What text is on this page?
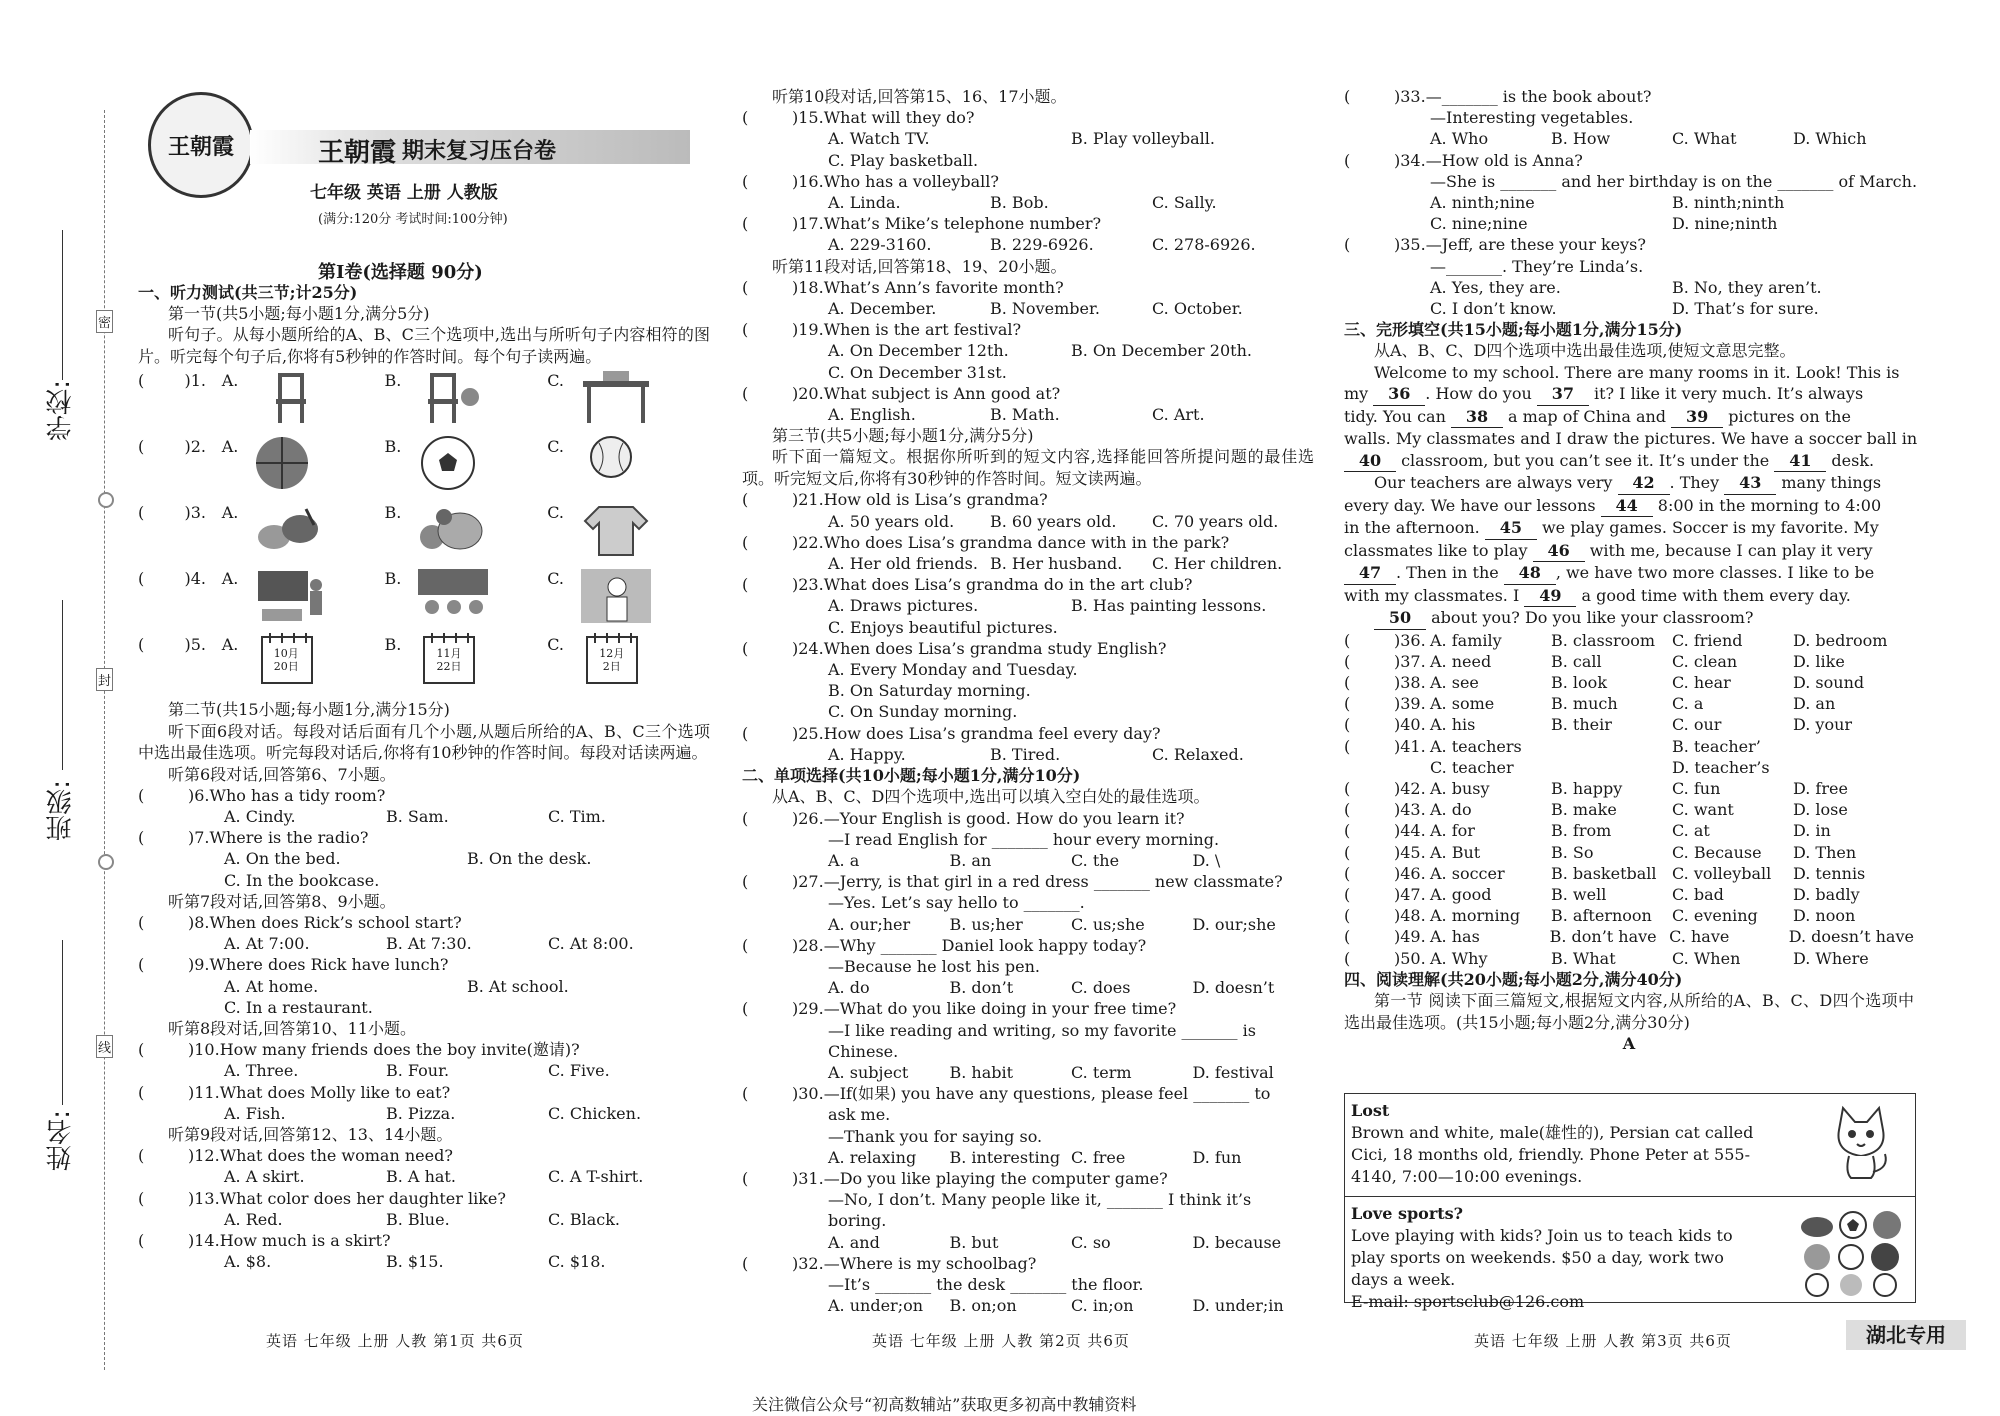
学校:
班级:
姓名:
密
封
线
王朝霞	王朝霞 期末复习压台卷
七年级 英语 上册 人教版
(满分:120分 考试时间:100分钟)
第Ⅰ卷(选择题 90分)
一、听力测试(共三节;计25分)
第一节(共5小题;每小题1分,满分5分)
听句子。从每小题所给的A、B、C三个选项中,选出与所听句子内容相符的图片。听完每个句子后,你将有5秒钟的作答时间。每个句子读两遍。
(	)1. A.	B.	C.
(	)2. A.	B.	C.
(	)3. A.	B.	C.
(	)4. A.	B.	C.
(	)5. A.	10月
20日
B.	11月
22日
C.	12月
2日
第二节(共15小题;每小题1分,满分15分)
听下面6段对话。每段对话后面有几个小题,从题后所给的A、B、C三个选项中选出最佳选项。听完每段对话后,你将有10秒钟的作答时间。每段对话读两遍。
听第6段对话,回答第6、7小题。
(	)6. Who has a tidy room?
A. Cindy.	B. Sam.	C. Tim.
(	)7. Where is the radio?
A. On the bed.	B. On the desk.
C. In the bookcase.
听第7段对话,回答第8、9小题。
(	)8. When does Rick’s school start?
A. At 7:00.	B. At 7:30.	C. At 8:00.
(	)9. Where does Rick have lunch?
A. At home.	B. At school.
C. In a restaurant.
听第8段对话,回答第10、11小题。
(	)10. How many friends does the boy invite(邀请)?
A. Three.	B. Four.	C. Five.
(	)11. What does Molly like to eat?
A. Fish.	B. Pizza.	C. Chicken.
听第9段对话,回答第12、13、14小题。
(	)12. What does the woman need?
A. A skirt.	B. A hat.	C. A T-shirt.
(	)13. What color does her daughter like?
A. Red.	B. Blue.	C. Black.
(	)14. How much is a skirt?
A. $8.	B. $15.	C. $18.
听第10段对话,回答第15、16、17小题。
(	)15. What will they do?
A. Watch TV.	B. Play volleyball.
C. Play basketball.
(	)16. Who has a volleyball?
A. Linda.	B. Bob.	C. Sally.
(	)17. What’s Mike’s telephone number?
A. 229-3160.	B. 229-6926.	C. 278-6926.
听第11段对话,回答第18、19、20小题。
(	)18. What’s Ann’s favorite month?
A. December.	B. November.	C. October.
(	)19. When is the art festival?
A. On December 12th.	B. On December 20th.
C. On December 31st.
(	)20. What subject is Ann good at?
A. English.	B. Math.	C. Art.
第三节(共5小题;每小题1分,满分5分)
听下面一篇短文。根据你所听到的短文内容,选择能回答所提问题的最佳选项。听完短文后,你将有30秒钟的作答时间。短文读两遍。
(	)21. How old is Lisa’s grandma?
A. 50 years old.	B. 60 years old.	C. 70 years old.
(	)22. Who does Lisa’s grandma dance with in the park?
A. Her old friends. B. Her husband.	C. Her children.
(	)23. What does Lisa’s grandma do in the art club?
A. Draws pictures.	B. Has painting lessons.
C. Enjoys beautiful pictures.
(	)24. When does Lisa’s grandma study English?
A. Every Monday and Tuesday.
B. On Saturday morning.
C. On Sunday morning.
(	)25. How does Lisa’s grandma feel every day?
A. Happy.	B. Tired.	C. Relaxed.
二、单项选择(共10小题;每小题1分,满分10分)
从A、B、C、D四个选项中,选出可以填入空白处的最佳选项。
(	)26. —Your English is good. How do you learn it?
—I read English for _______ hour every morning.
A. a	B. an	C. the	D. \
(	)27. —Jerry, is that girl in a red dress _______ new classmate?
—Yes. Let’s say hello to _______.
A. our;her	B. us;her	C. us;she	D. our;she
(	)28. —Why _______ Daniel look happy today?
—Because he lost his pen.
A. do	B. don’t	C. does	D. doesn’t
(	)29. —What do you like doing in your free time?
—I like reading and writing, so my favorite _______ is
Chinese.
A. subject	B. habit	C. term	D. festival
(	)30. —If(如果) you have any questions, please feel _______ to
ask me.
—Thank you for saying so.
A. relaxing	B. interesting C. free	D. fun
(	)31. —Do you like playing the computer game?
—No, I don’t. Many people like it, _______ I think it’s
boring.
A. and	B. but	C. so	D. because
(	)32. —Where is my schoolbag?
—It’s _______ the desk _______ the floor.
A. under;on	B. on;on	C. in;on	D. under;in
(	)33. —_______ is the book about?
—Interesting vegetables.
A. Who	B. How	C. What	D. Which
(	)34. —How old is Anna?
—She is _______ and her birthday is on the _______ of March.
A. ninth;nine	B. ninth;ninth
C. nine;nine	D. nine;ninth
(	)35. —Jeff, are these your keys?
—_______. They’re Linda’s.
A. Yes, they are.	B. No, they aren’t.
C. I don’t know.	D. That’s for sure.
三、完形填空(共15小题;每小题1分,满分15分)
从A、B、C、D四个选项中选出最佳选项,使短文意思完整。
Welcome to my school. There are many rooms in it. Look! This is
my 36. How do you 37 it? I like it very much. It’s always
tidy. You can 38 a map of China and 39 pictures on the
walls. My classmates and I draw the pictures. We have a soccer ball in
40 classroom, but you can’t see it. It’s under the 41 desk.
Our teachers are always very 42. They 43 many things
every day. We have our lessons 44 8:00 in the morning to 4:00
in the afternoon. 45 we play games. Soccer is my favorite. My
classmates like to play 46 with me, because I can play it very
47. Then in the 48, we have two more classes. I like to be
with my classmates. I 49 a good time with them every day.
50 about you? Do you like your classroom?
(	)36. A. family	B. classroom	C. friend	D. bedroom
(	)37. A. need	B. call	C. clean	D. like
(	)38. A. see	B. look	C. hear	D. sound
(	)39. A. some	B. much	C. a	D. an
(	)40. A. his	B. their	C. our	D. your
(	)41. A. teachers	B. teacher’
C. teacher	D. teacher’s
(	)42. A. busy	B. happy	C. fun	D. free
(	)43. A. do	B. make	C. want	D. lose
(	)44. A. for	B. from	C. at	D. in
(	)45. A. But	B. So	C. Because	D. Then
(	)46. A. soccer	B. basketball C. volleyball	D. tennis
(	)47. A. good	B. well	C. bad	D. badly
(	)48. A. morning	B. afternoon	C. evening	D. noon
(	)49. A. has	B. don’t have C. have	D. doesn’t have
(	)50. A. Why	B. What	C. When	D. Where
四、阅读理解(共20小题;每小题2分,满分40分)
第一节 阅读下面三篇短文,根据短文内容,从所给的A、B、C、D四个选项中选出最佳选项。(共15小题;每小题2分,满分30分)
A
Lost
Brown and white, male(雄性的), Persian cat called Cici, 18 months old, friendly. Phone Peter at 555-4140, 7:00—10:00 evenings.
Love sports?
Love playing with kids? Join us to teach kids to play sports on weekends. $50 a day, work two days a week.
E-mail: sportsclub@126.com
英语 七年级 上册 人教 第1页 共6页	英语 七年级 上册 人教 第2页 共6页	英语 七年级 上册 人教 第3页 共6页	湖北专用
关注微信公众号“初高数辅站”获取更多初高中教辅资料
